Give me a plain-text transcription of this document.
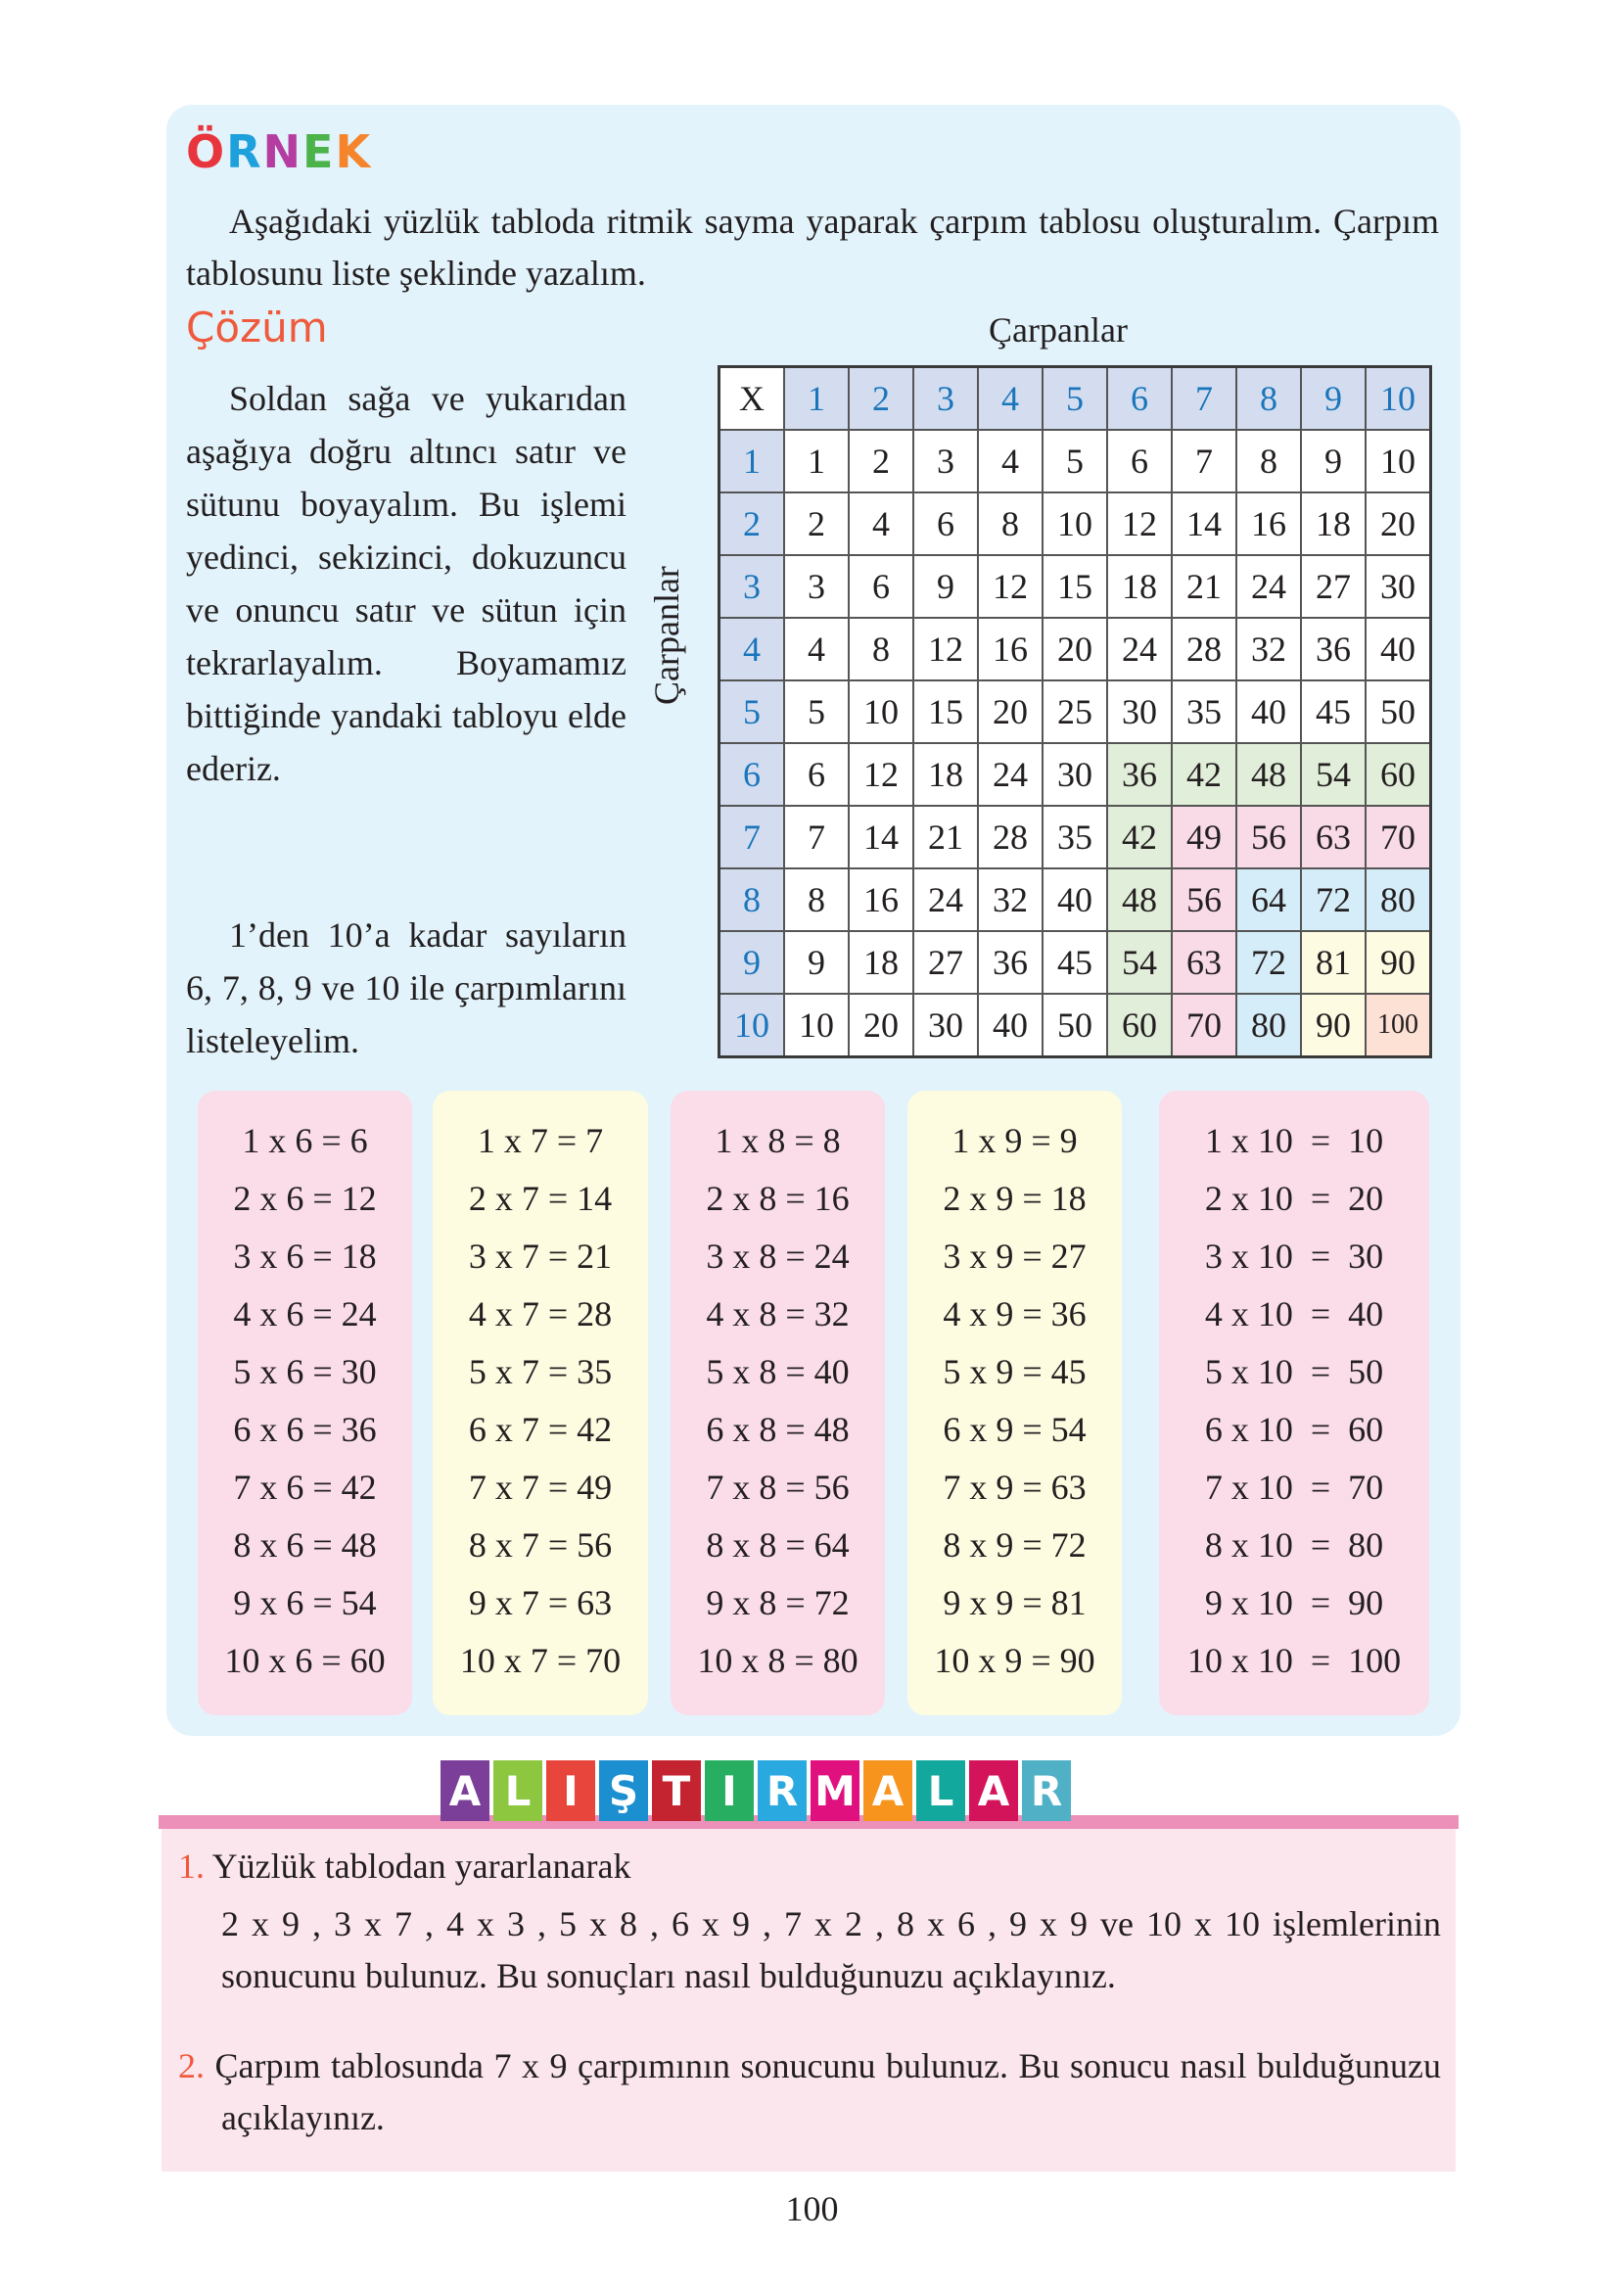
ÖRNEK
Aşağıdaki yüzlük tabloda ritmik sayma yaparak çarpım tablosu oluşturalım. Çarpım tablosunu liste şeklinde yazalım.
Çözüm
Soldan sağa ve yukarıdan aşağıya doğru altıncı satır ve sütunu boyayalım. Bu işlemi yedinci, sekizinci, dokuzuncu ve onuncu satır ve sütun için tekrarlayalım. Boyamamız bittiğinde yandaki tabloyu elde ederiz.
1’den 10’a kadar sayıların 6, 7, 8, 9 ve 10 ile çarpımlarını listeleyelim.
Çarpanlar
Çarpanlar
X	1	2	3	4	5	6	7	8	9	10
1	1	2	3	4	5	6	7	8	9	10
2	2	4	6	8	10	12	14	16	18	20
3	3	6	9	12	15	18	21	24	27	30
4	4	8	12	16	20	24	28	32	36	40
5	5	10	15	20	25	30	35	40	45	50
6	6	12	18	24	30	36	42	48	54	60
7	7	14	21	28	35	42	49	56	63	70
8	8	16	24	32	40	48	56	64	72	80
9	9	18	27	36	45	54	63	72	81	90
10	10	20	30	40	50	60	70	80	90	100
1 x 6 = 6
2 x 6 = 12
3 x 6 = 18
4 x 6 = 24
5 x 6 = 30
6 x 6 = 36
7 x 6 = 42
8 x 6 = 48
9 x 6 = 54
10 x 6 = 60
1 x 7 = 7
2 x 7 = 14
3 x 7 = 21
4 x 7 = 28
5 x 7 = 35
6 x 7 = 42
7 x 7 = 49
8 x 7 = 56
9 x 7 = 63
10 x 7 = 70
1 x 8 = 8
2 x 8 = 16
3 x 8 = 24
4 x 8 = 32
5 x 8 = 40
6 x 8 = 48
7 x 8 = 56
8 x 8 = 64
9 x 8 = 72
10 x 8 = 80
1 x 9 = 9
2 x 9 = 18
3 x 9 = 27
4 x 9 = 36
5 x 9 = 45
6 x 9 = 54
7 x 9 = 63
8 x 9 = 72
9 x 9 = 81
10 x 9 = 90
1 x 10  =  10
2 x 10  =  20
3 x 10  =  30
4 x 10  =  40
5 x 10  =  50
6 x 10  =  60
7 x 10  =  70
8 x 10  =  80
9 x 10  =  90
10 x 10  =  100
A L I Ş T I R M A L A R
1. Yüzlük tablodan yararlanarak
2 x 9 , 3 x 7 , 4 x 3 , 5 x 8 , 6 x 9 , 7 x 2 , 8 x 6 , 9 x 9 ve 10 x 10 işlemlerinin sonucunu bulunuz. Bu sonuçları nasıl bulduğunuzu açıklayınız.
2. Çarpım tablosunda 7 x 9 çarpımının sonucunu bulunuz. Bu sonucu nasıl bulduğunuzu açıklayınız.
100
